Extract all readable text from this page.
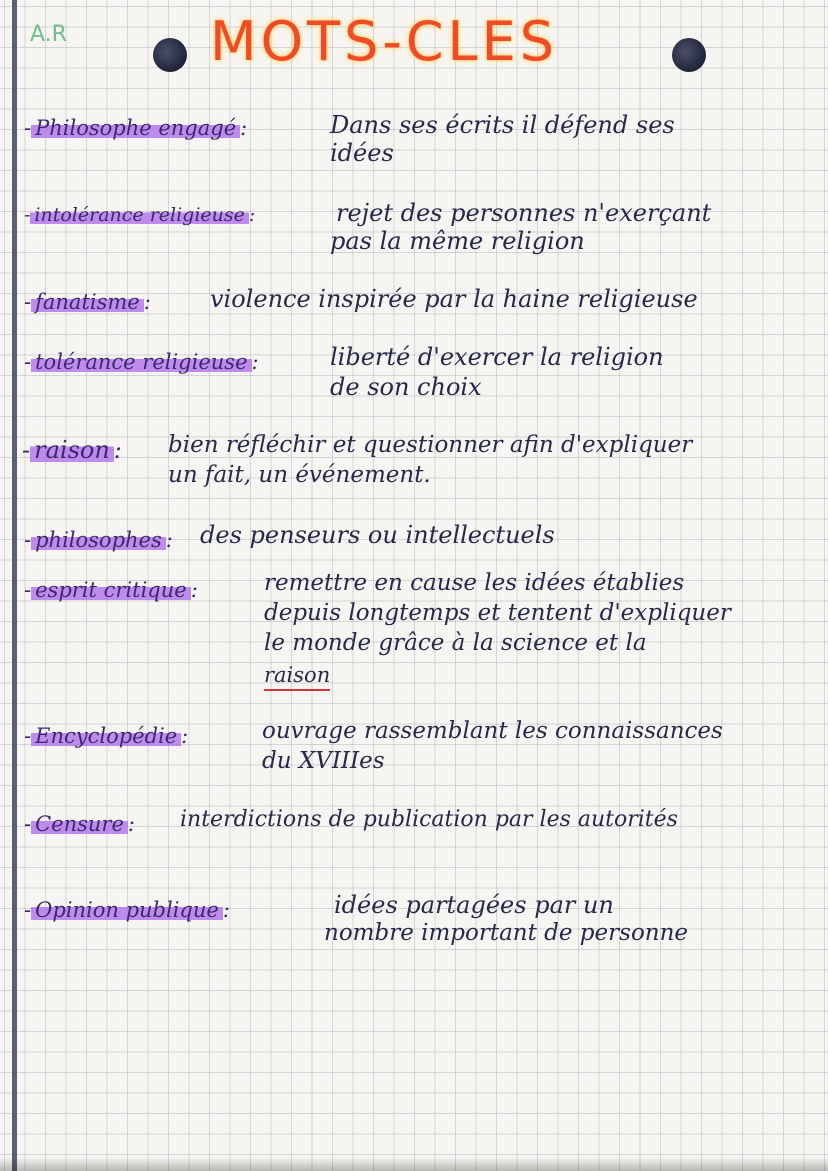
A.R	MOTS-CLES
- Philosophe engagé :	Dans ses écrits il défend ses
idées
- intolérance religieuse :	rejet des personnes n'exerçant
pas la même religion
- fanatisme : violence inspirée par la haine religieuse
- tolérance religieuse :	liberté d'exercer la religion
de son choix
- raison : bien réfléchir et questionner afin d'expliquer
un fait, un événement.
- philosophes : des penseurs ou intellectuels
- esprit critique :	remettre en cause les idées établies
depuis longtemps et tentent d'expliquer
le monde grâce à la science et la
raison
- Encyclopédie :	ouvrage rassemblant les connaissances
du XVIIIes
- Censure : interdictions de publication par les autorités
- Opinion publique :	idées partagées par un
nombre important de personne
